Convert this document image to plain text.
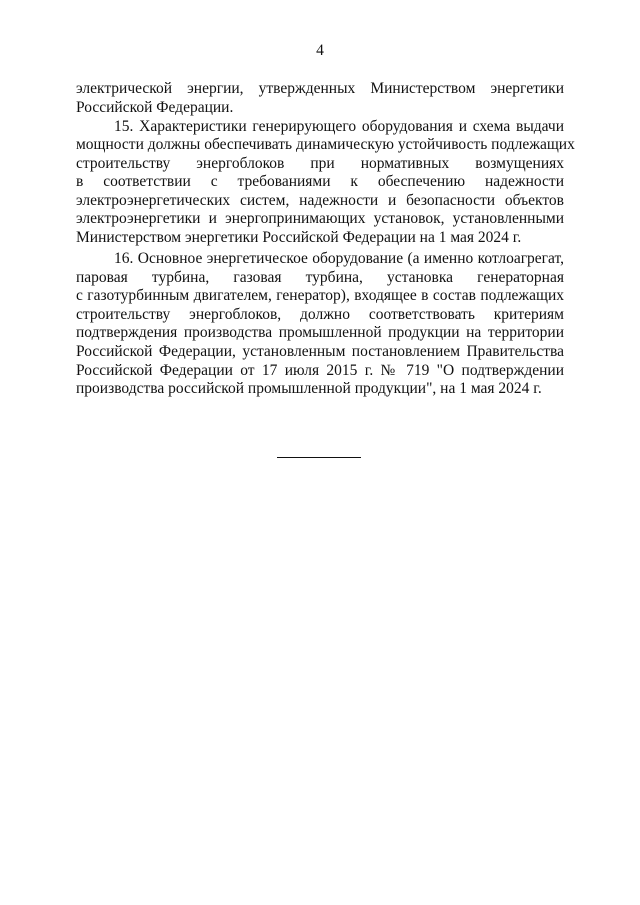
4
электрической энергии, утвержденных Министерством энергетики
Российской Федерации.
15. Характеристики генерирующего оборудования и схема выдачи
мощности должны обеспечивать динамическую устойчивость подлежащих
строительству энергоблоков при нормативных возмущениях
в соответствии с требованиями к обеспечению надежности
электроэнергетических систем, надежности и безопасности объектов
электроэнергетики и энергопринимающих установок, установленными
Министерством энергетики Российской Федерации на 1 мая 2024 г.
16. Основное энергетическое оборудование (а именно котлоагрегат,
паровая турбина, газовая турбина, установка генераторная
с газотурбинным двигателем, генератор), входящее в состав подлежащих
строительству энергоблоков, должно соответствовать критериям
подтверждения производства промышленной продукции на территории
Российской Федерации, установленным постановлением Правительства
Российской Федерации от 17 июля 2015 г. № 719 "О подтверждении
производства российской промышленной продукции", на 1 мая 2024 г.
